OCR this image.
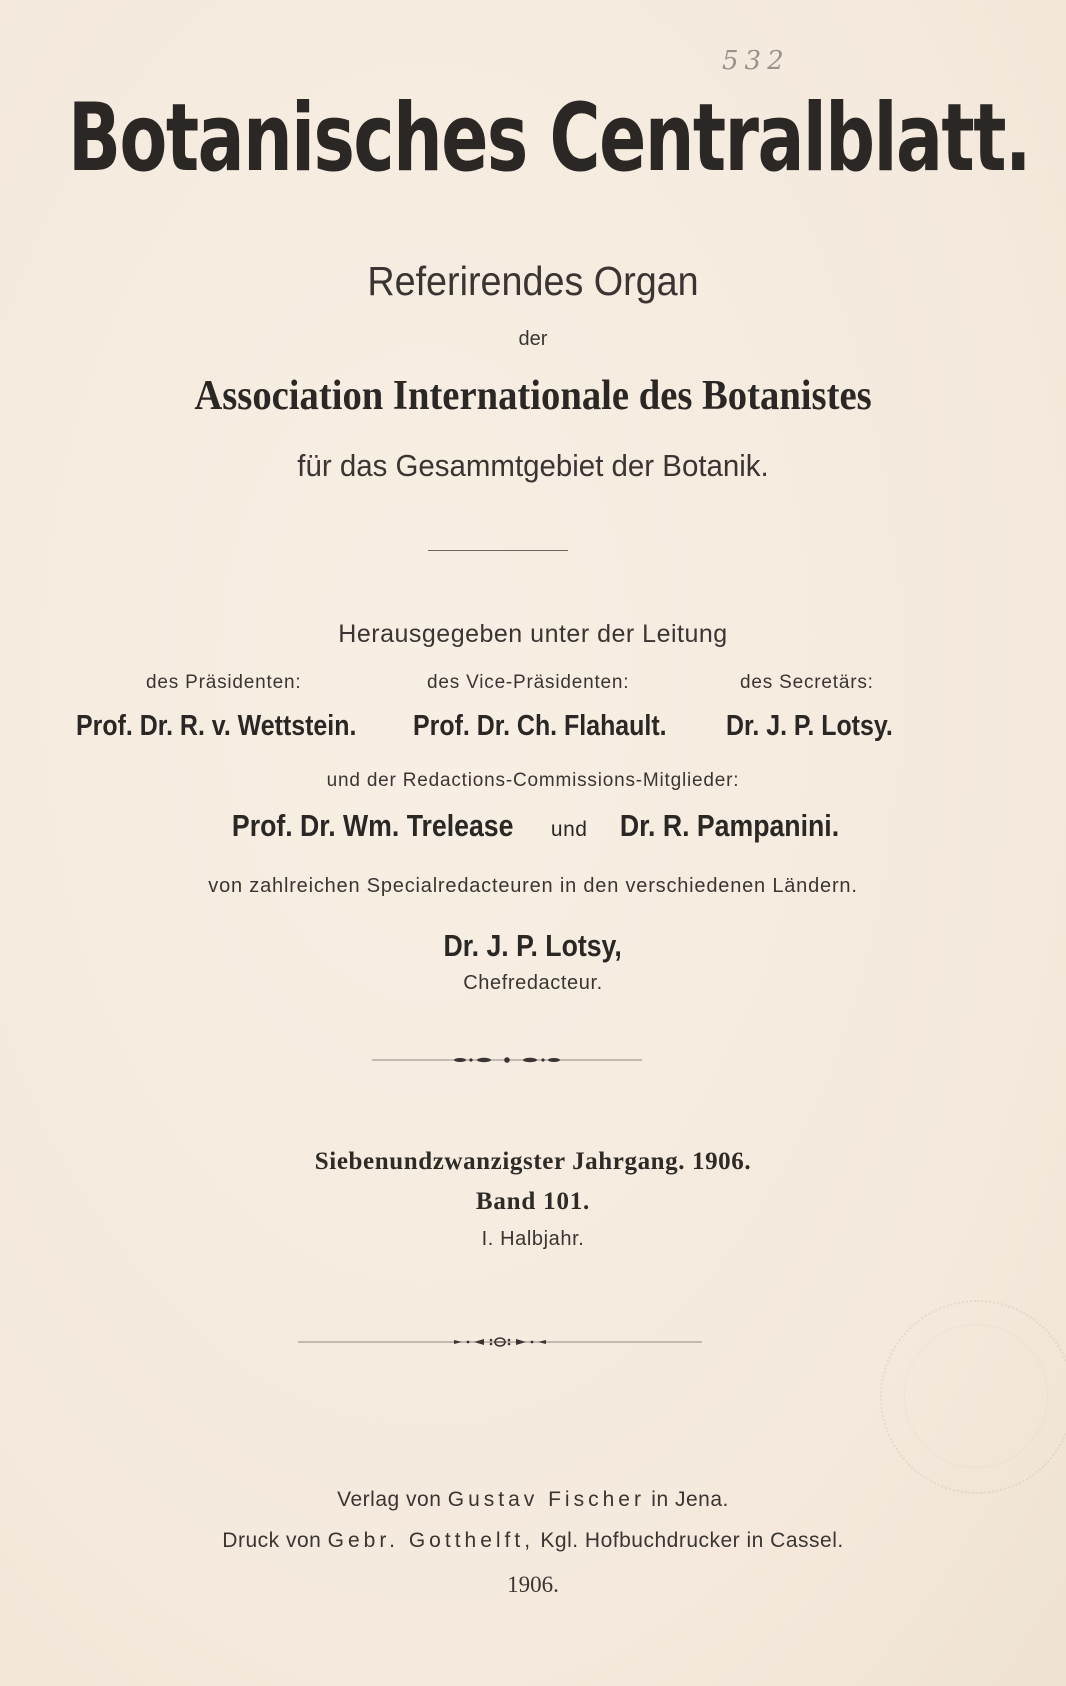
532
Botanisches Centralblatt.
Referirendes Organ
der
Association Internationale des Botanistes
für das Gesammtgebiet der Botanik.
Herausgegeben unter der Leitung
des Präsidenten:	des Vice-Präsidenten:	des Secretärs:
Prof. Dr. R. v. Wettstein. Prof. Dr. Ch. Flahault. Dr. J. P. Lotsy.
und der Redactions-Commissions-Mitglieder:
Prof. Dr. Wm. Trelease und Dr. R. Pampanini.
von zahlreichen Specialredacteuren in den verschiedenen Ländern.
Dr. J. P. Lotsy,
Chefredacteur.
Siebenundzwanzigster Jahrgang. 1906.
Band 101.
I. Halbjahr.
Verlag von Gustav Fischer in Jena.
Druck von Gebr. Gotthelft, Kgl. Hofbuchdrucker in Cassel.
1906.
